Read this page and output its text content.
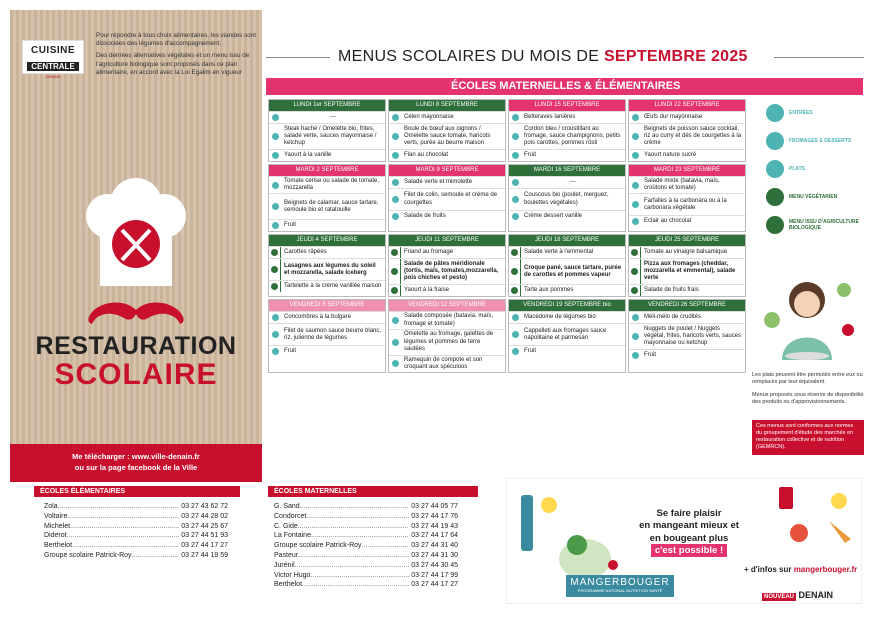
CUISINE
CENTRALE
DENAIN

Pour répondre à tous choix alimentaires, les viandes sont dissociées des légumes d'accompagnement.

Des denrées alternatives végétales et un menu issu de l'agriculture biologique sont proposés dans ce plan alimentaire, en accord avec la Loi Egalim en vigueur

RESTAURATION
SCOLAIRE
Me télécharger : www.ville-denain.fr
ou sur la page facebook de la Ville
MENUS SCOLAIRES DU MOIS DE SEPTEMBRE 2025
ÉCOLES MATERNELLES & ÉLÉMENTAIRES
LUNDI 1er SEPTEMBRE
---
Steak haché / Omelette bio, frites, salade verte, sauces mayonnaise / ketchup
Yaourt à la vanille
LUNDI 8 SEPTEMBRE
Céleri mayonnaise
Boule de bœuf aux oignons / Omelette sauce tomate, haricots verts, purée au beurre maison
Flan au chocolat
LUNDI 15 SEPTEMBRE
Betteraves lanières
Cordon bleu / croustillant au fromage, sauce champignons, petits pois carottes, pommes rösti
Fruit
LUNDI 22 SEPTEMBRE
Œufs dur mayonnaise
Beignets de poisson sauce cocktail, riz au curry et dés de courgettes à la crème
Yaourt nature sucré
MARDI 2 SEPTEMBRE
Tomate cerise ou salade de tomate, mozzarella
Beignets de calamar, sauce tartare, semoule bio et ratatouille
Fruit
MARDI 9 SEPTEMBRE
Salade verte et mimolette
Filet de colin, semoule et crème de courgettes
Salade de fruits
MARDI 16 SEPTEMBRE
---
Couscous bio (poulet, merguez, boulettes végétales)
Crème dessert vanille
MARDI 23 SEPTEMBRE
Salade mixte (batavia, maïs, croûtons et tomate)
Farfalles à la carbonara ou à la carbonara végétale
Eclair au chocolat
JEUDI 4 SEPTEMBRE
Carottes râpées
Lasagnes aux légumes du soleil et mozzarella, salade Iceberg
Tartelette à la crème vanillée maison
JEUDI 11 SEPTEMBRE
Friand au fromage
Salade de pâtes méridionale (tortis, maïs, tomates,mozzarella, pois chiches et pesto)
Yaourt à la fraise
JEUDI 18 SEPTEMBRE
Salade verte à l'emmental
Croque pané, sauce tartare, purée de carottes et pommes vapeur
Tarte aux pommes
JEUDI 25 SEPTEMBRE
Tomate au vinaigre balsamique
Pizza aux fromages (cheddar, mozzarella et emmental), salade verte
Salade de fruits frais
VENDREDI 5 SEPTEMBRE
Concombres à la bulgare
Filet de saumon sauce beurre blanc, riz, julienne de légumes
Fruit
VENDREDI 12 SEPTEMBRE
Salade composée (batavia, maïs, fromage et tomate)
Omelette au fromage, galettes de légumes et pommes de terre sautées
Ramequin de compote et son croquant aux spéculoos
VENDREDI 19 SEPTEMBRE bio
Macédoine de légumes bio
Cappelleti aux fromages sauce napolitaine et parmesan
Fruit
VENDREDI 26 SEPTEMBRE
Méli-mélo de crudités
Nuggets de poulet / Nuggets végétal, frites, haricots verts, sauces mayonnaise ou ketchup
Fruit
ENTRÉES
FROMAGES & DESSERTS
PLATS
MENU VÉGÉTARIEN
MENU ISSU D'AGRICULTURE BIOLOGIQUE
Les plats peuvent être permutés entre eux ou remplacés par leur équivalent.
Menus proposés sous réserve de disponibilité des produits ou d'approvisionnements.
Ces menus sont conformes aux normes du groupement d'étude des marchés en restauration collective et de nutrition (GEMRCN).
ÉCOLES ÉLÉMENTAIRES
Zola .....	03 27 43 62 72
Voltaire .....	03 27 44 28 02
Michelet .....	03 27 44 25 67
Diderot .....	03 27 44 51 93
Berthelot .....	03 27 44 17 27
Groupe scolaire Patrick-Roy .....	03 27 44 19 59
ÉCOLES MATERNELLES
G. Sand .....	03 27 44 05 77
Condorcet .....	03 27 44 17 76
C. Gide .....	03 27 44 19 43
La Fontaine .....	03 27 44 17 64
Groupe scolaire Patrick-Roy .....	03 27 44 31 40
Pasteur .....	03 27 44 31 30
Jurénil .....	03 27 44 30 45
Victor Hugo .....	03 27 44 17 99
Berthelot .....	03 27 44 17 27
Se faire plaisir
en mangeant mieux et
en bougeant plus
c'est possible !
+ d'infos sur mangerbouger.fr
MANGERBOUGER
PROGRAMME NATIONAL NUTRITION SANTÉ
NOUVEAU DENAIN
